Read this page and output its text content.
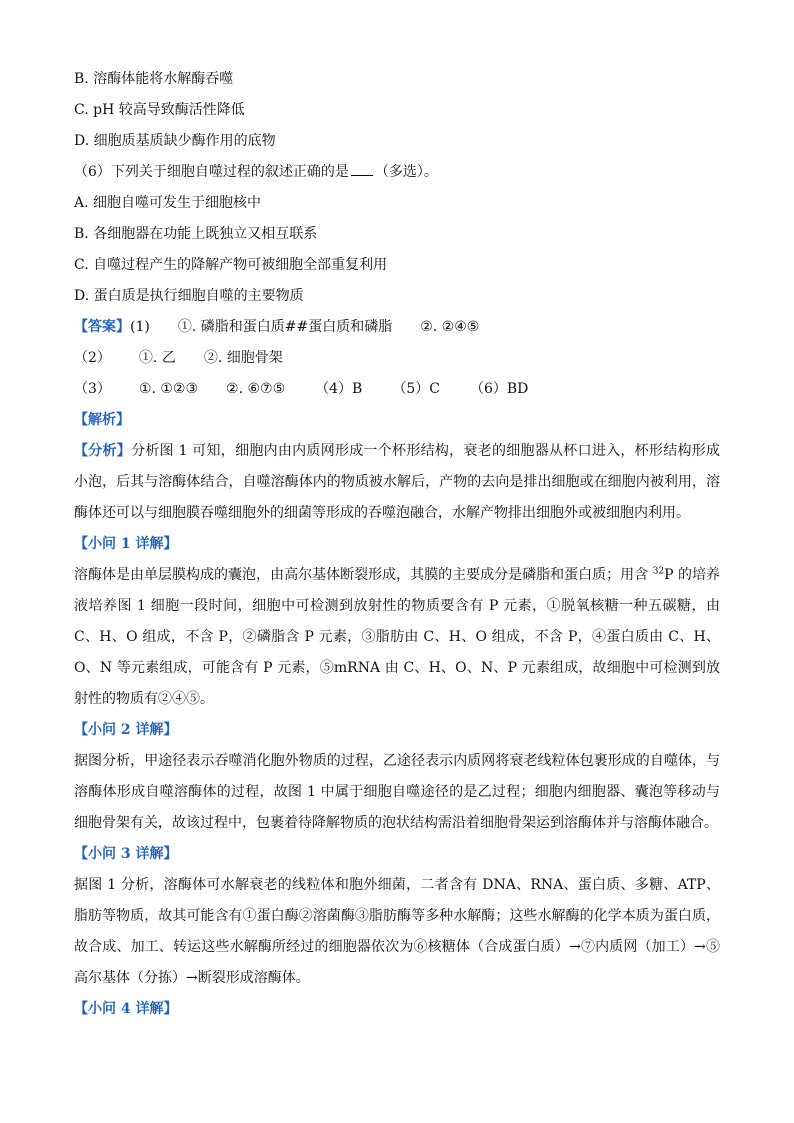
B. 溶酶体能将水解酶吞噬
C. pH 较高导致酶活性降低
D. 细胞质基质缺少酶作用的底物
（6）下列关于细胞自噬过程的叙述正确的是 （多选）。
A. 细胞自噬可发生于细胞核中
B. 各细胞器在功能上既独立又相互联系
C. 自噬过程产生的降解产物可被细胞全部重复利用
D. 蛋白质是执行细胞自噬的主要物质
【答案】(1) ①. 磷脂和蛋白质##蛋白质和磷脂 ②. ②④⑤
（2） ①. 乙 ②. 细胞骨架
（3） ①. ①②③ ②. ⑥⑦⑤ （4）B （5）C （6）BD
【解析】
【分析】分析图 1 可知，细胞内由内质网形成一个杯形结构，衰老的细胞器从杯口进入，杯形结构形成小泡，后其与溶酶体结合，自噬溶酶体内的物质被水解后，产物的去向是排出细胞或在细胞内被利用，溶酶体还可以与细胞膜吞噬细胞外的细菌等形成的吞噬泡融合，水解产物排出细胞外或被细胞内利用。
【小问 1 详解】
溶酶体是由单层膜构成的囊泡，由高尔基体断裂形成，其膜的主要成分是磷脂和蛋白质；用含 $^{32}$P 的培养液培养图 1 细胞一段时间，细胞中可检测到放射性的物质要含有 P 元素，①脱氧核糖一种五碳糖，由 C、H、O 组成，不含 P，②磷脂含 P 元素，③脂肪由 C、H、O 组成，不含 P，④蛋白质由 C、H、O、N 等元素组成，可能含有 P 元素，⑤mRNA 由 C、H、O、N、P 元素组成，故细胞中可检测到放射性的物质有②④⑤。
【小问 2 详解】
据图分析，甲途径表示吞噬消化胞外物质的过程，乙途径表示内质网将衰老线粒体包裹形成的自噬体，与溶酶体形成自噬溶酶体的过程，故图 1 中属于细胞自噬途径的是乙过程；细胞内细胞器、囊泡等移动与细胞骨架有关，故该过程中，包裹着待降解物质的泡状结构需沿着细胞骨架运到溶酶体并与溶酶体融合。
【小问 3 详解】
据图 1 分析，溶酶体可水解衰老的线粒体和胞外细菌，二者含有 DNA、RNA、蛋白质、多糖、ATP、脂肪等物质，故其可能含有①蛋白酶②溶菌酶③脂肪酶等多种水解酶；这些水解酶的化学本质为蛋白质，故合成、加工、转运这些水解酶所经过的细胞器依次为⑥核糖体（合成蛋白质）→⑦内质网（加工）→⑤高尔基体（分拣）→断裂形成溶酶体。
【小问 4 详解】
